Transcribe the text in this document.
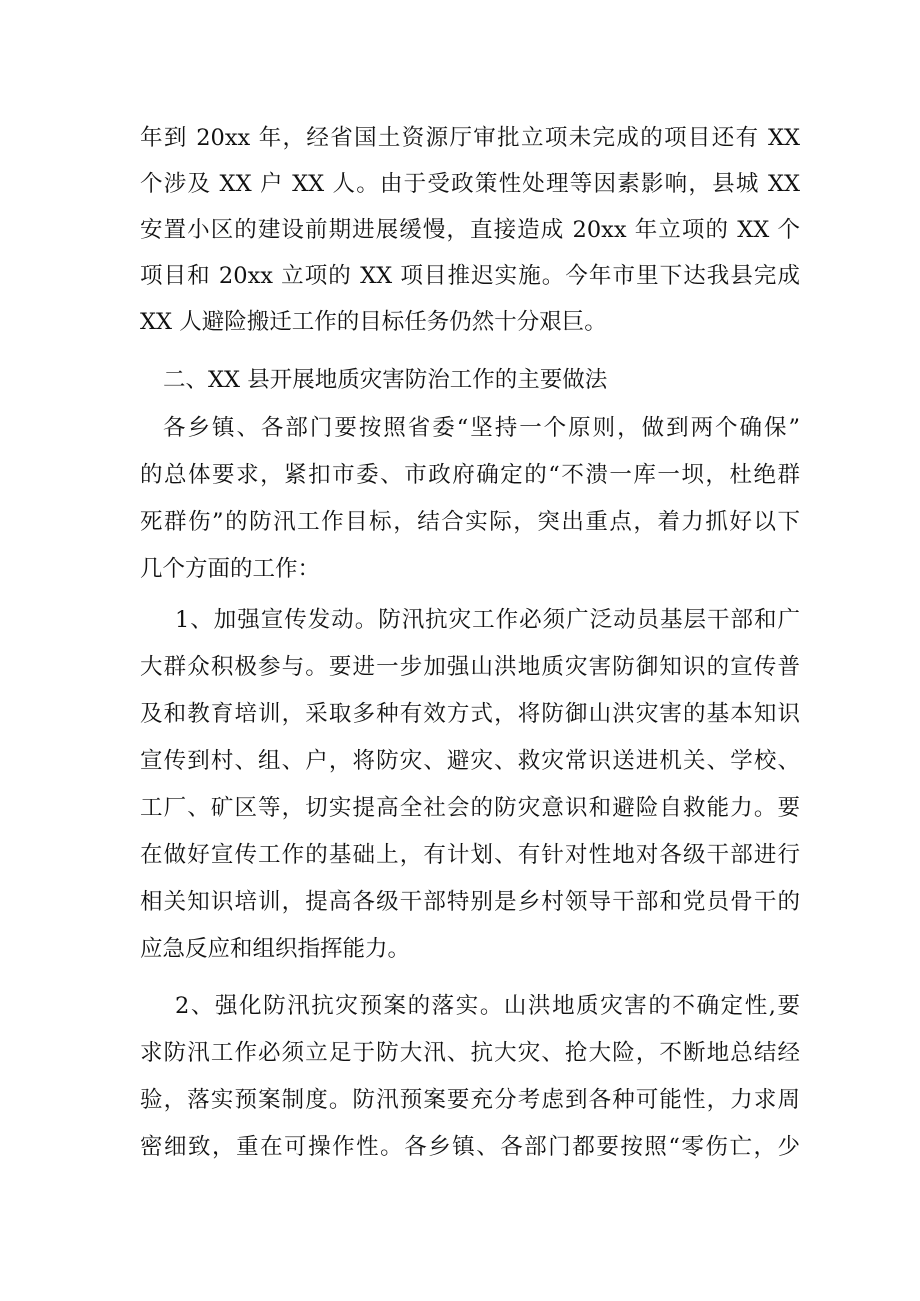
年到 20xx 年，经省国土资源厅审批立项未完成的项目还有 XX
个涉及 XX 户 XX 人。由于受政策性处理等因素影响，县城 XX
安置小区的建设前期进展缓慢，直接造成 20xx 年立项的 XX 个
项目和 20xx 立项的 XX 项目推迟实施。今年市里下达我县完成
XX 人避险搬迁工作的目标任务仍然十分艰巨。
二、XX 县开展地质灾害防治工作的主要做法
各乡镇、各部门要按照省委“坚持一个原则，做到两个确保”
的总体要求，紧扣市委、市政府确定的“不溃一库一坝，杜绝群
死群伤”的防汛工作目标，结合实际，突出重点，着力抓好以下
几个方面的工作：
1、加强宣传发动。防汛抗灾工作必须广泛动员基层干部和广
大群众积极参与。要进一步加强山洪地质灾害防御知识的宣传普
及和教育培训，采取多种有效方式，将防御山洪灾害的基本知识
宣传到村、组、户，将防灾、避灾、救灾常识送进机关、学校、
工厂、矿区等，切实提高全社会的防灾意识和避险自救能力。要
在做好宣传工作的基础上，有计划、有针对性地对各级干部进行
相关知识培训，提高各级干部特别是乡村领导干部和党员骨干的
应急反应和组织指挥能力。
2、强化防汛抗灾预案的落实。山洪地质灾害的不确定性,要
求防汛工作必须立足于防大汛、抗大灾、抢大险，不断地总结经
验，落实预案制度。防汛预案要充分考虑到各种可能性，力求周
密细致，重在可操作性。各乡镇、各部门都要按照“零伤亡，少
